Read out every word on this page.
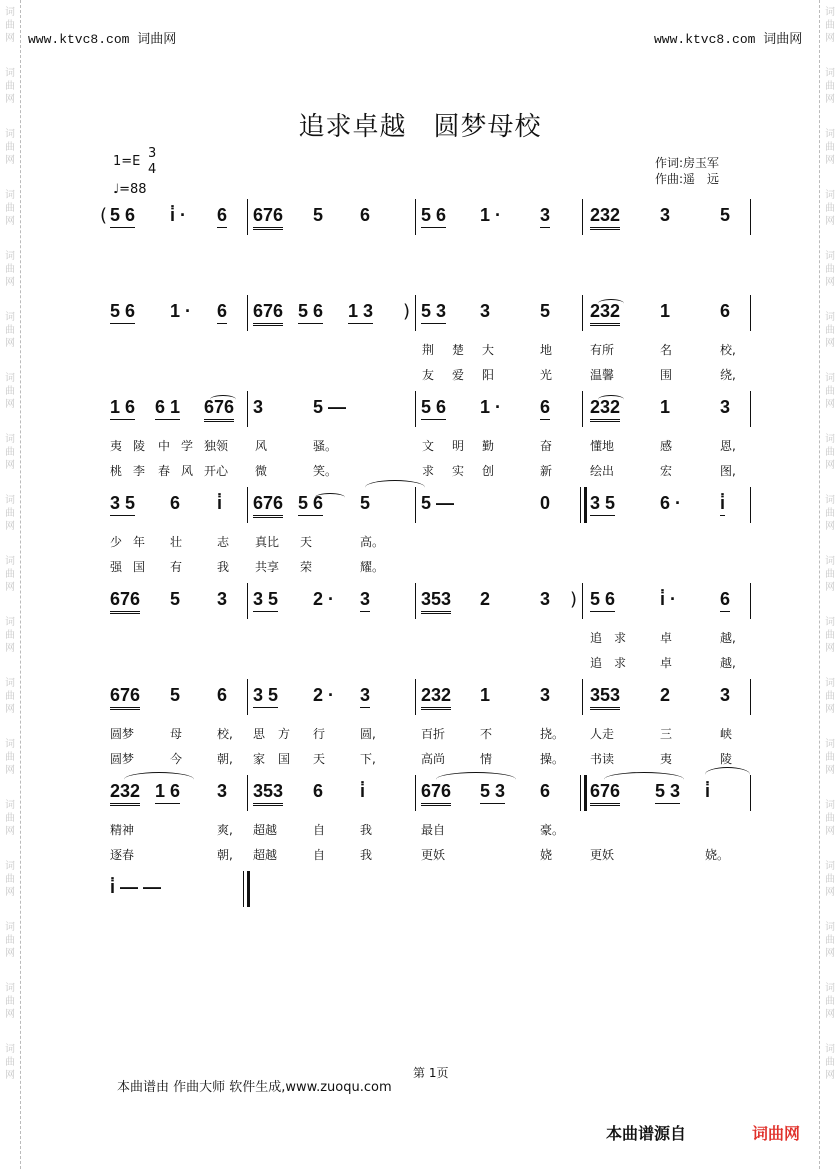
词
曲
网
词
曲
网
词
曲
网
词
曲
网
词
曲
网
词
曲
网
词
曲
网
词
曲
网
词
曲
网
词
曲
网
词
曲
网
词
曲
网
词
曲
网
词
曲
网
词
曲
网
词
曲
网
词
曲
网
词
曲
网
词
曲
网
词
曲
网
词
曲
网
词
曲
网
词
曲
网
词
曲
网
词
曲
网
词
曲
网
词
曲
网
词
曲
网
词
曲
网
词
曲
网
词
曲
网
词
曲
网
词
曲
网
词
曲
网
词
曲
网
词
曲
网
www.ktvc8.com 词曲网	www.ktvc8.com 词曲网
追求卓越　圆梦母校
1=E
3
4
♩=88
作词:房玉军
作曲:遥　远
( 5 6 i̇ · 6 676 5 6	5 6 1 · 3 232 3	5
5 6 1 · 6 676 5 6 1 3 ) 5 3 3	5 232 1	6
1 6 6 1 676 3	5 —	5 6 1 · 6 232 1	3
3 5 6 i̇ 676 5 6 5	5 —	0 3 5 6 · i̇
676 5 3 3 5 2 · 3	353 2	3 ) 5 6 i̇ · 6
676 5 6 3 5 2 · 3	232 1	3 353 2	3
232 1 6 3 353 6 i̇	676 5 3 6 676 5 3 i̇
i̇ — —
荆 楚 大	地	有所	名	校,
友 爱 阳	光	温馨	围	绕,
夷 陵 中 学 独领 风	骚。	文 明 勤	奋	懂地	感	恩,
桃 李 春 风 开心 微	笑。	求 实 创	新	绘出	宏	图,
少 年 壮	志 真比 天	高。
强 国 有	我 共享 荣	耀。
追 求	卓	越,
追 求	卓	越,
圆梦	母	校, 思 方 行	圆,	百折	不	挠。 人走	三	峡
圆梦	今	朝, 家 国 天	下,	高尚	情	操。 书读	夷	陵
精神	爽, 超越	自	我	最自	豪。
逐春	朝, 超越	自	我	更妖	娆	更妖	娆。
第 1页
本曲谱由 作曲大师 软件生成,www.zuoqu.com
本曲谱源自	词曲网
